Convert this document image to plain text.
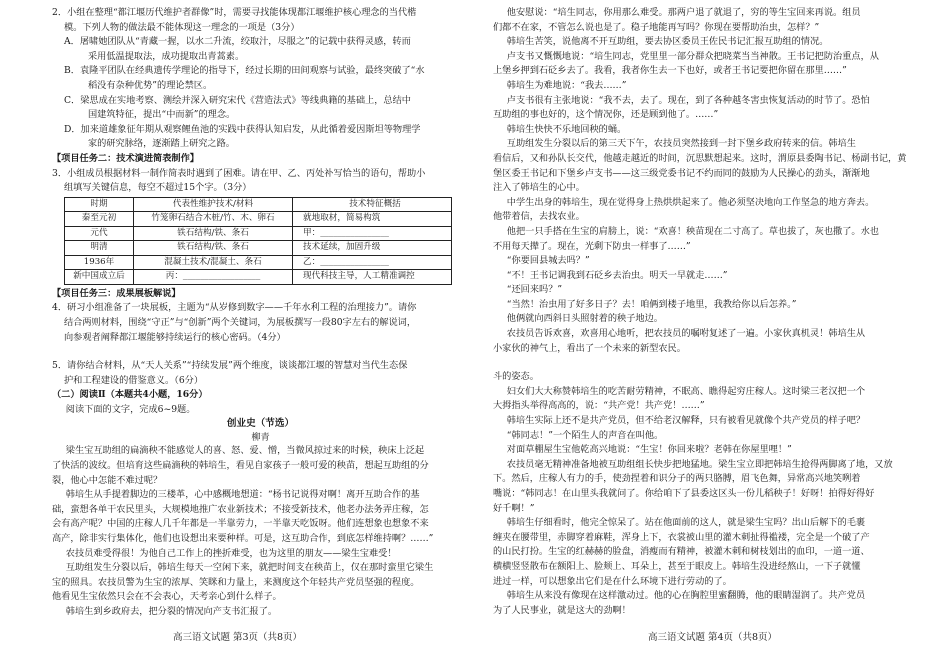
2．小组在整理“都江堰历代维护者群像”时，需要寻找能体现都江堰维护核心理念的当代楷

模。下列人物的做法最不能体现这一理念的一项是（3分）

A．屠啸她团队从“青藏一握，以水二升流，绞取汁，尽服之”的记载中获得灵感，转而

采用低温提取法，成功提取出青蒿素。

B．袁隆平团队在经典遗传学理论的指导下，经过长期的田间观察与试验，最终突破了“水

稻没有杂种优势”的理论禁区。

C．梁思成在实地考察、测绘并深入研究宋代《营造法式》等线典籍的基础上，总结中

国建筑特征，提出“中而新”的理念。

D．加来道雄象征年期从观察鲤鱼池的实践中获得认知启发，从此循着爱因斯坦等物理学

家的研究脉络，逐渐踏上研究之路。

【项目任务二：技术演进简表制作】

3．小组成员根据材料一制作简表时遇到了困难。请在甲、乙、丙处补写恰当的语句，帮助小

组填写关键信息，每空不超过15个字。（3分）

时期	代表性维护技术/材料	技术特征概括
秦至元初	竹笼卵石结合木桩/竹、木、卵石	就地取材，简易构筑
元代	铁石结构/铁、条石	甲：________________
明清	铁石结构/铁、条石	技术延续，加固升级
1936年	混凝土技术/混凝土、条石	乙：________________
新中国成立后	丙：__________________	现代科技主导，人工精准调控

【项目任务三：成果展板解说】

4．研习小组准备了一块展板，主题为“从岁修到数字——千年水利工程的治理接力”。请你

结合两则材料，围绕“守正”与“创新”两个关键词，为展板撰写一段80字左右的解说词，

向参观者阐释都江堰能够持续运行的核心密码。（4分）

5．请你结合材料，从“天人关系”“持续发展”两个维度，谈谈都江堰的智慧对当代生态保

护和工程建设的借鉴意义。（6分）

（二）阅读Ⅱ（本题共4小题，16分）

阅读下面的文字，完成6~9题。

创业史（节选）

柳青

梁生宝互助组的扁滴秧不能感觉人的喜、怒、爱、憎，当微风掠过来的时候，秧床上泛起

了快活的波纹。但培育这些扁滴秧的韩培生，看见自家孩子一般可爱的秧苗，想起互助组的分

裂，他心中怎能不难过呢？

韩培生从手提着脚边的三楼革，心中感概地想道：“杨书记说得对啊！离开互助合作的基

础，蛮想各单干农民里头，大规模地推广农业新技术；不接受新技术，他老办法务弄庄稼，怎

会有高产呢？中国的庄稼人几千年都是一半靠劳力，一半靠天吃饭呀。他们连想象也想象不来

高产，除非实行集体化，他们也设想出来要种样。可是，这互助合作，到底怎样维持啊？……”

农技员难受得很！为他自己工作上的挫折难受，也为这里的朋友——梁生宝难受！

互助组发生分裂以后，韩培生每天一空闲下来，就把时间支在秧苗上，仅在那时蛮里它梁生

宝的照具。农技员警为生宝的浓厚、笑眯和力量上，来测度这个年轻共产党员坚强的程度。

他看见生宝依然只会在不会表心，天考亲心到什么样子。

韩培生到乡政府去，把分裂的情况向产支书汇报了。

高三语文试题 第3页（共8页）

他安慰说：“培生同志，你用那么难受。那两户退了就退了，穷的等生宝回来再说。组员

们都不在家，不管怎么说也是了。稳子地能再写吗？你现在要帮助治虫，怎样？”

韩培生苦笑，说他离不开互助组，要去协区委员王佐民书记汇报互助组的情况。

卢支书又慨慨地说：“培生同志，党里里一部分群众把晓菜当当神散。王书记把防治重点，从

上堡乡押到石砭乡去了。我看，我者你生去一下也好，或者王书记要把你留在那里……”

韩培生为难地说：“我去……”

卢支书很有主张地说：“我不去，去了。现在，到了各种越冬害虫恢复活动的时节了。恐怕

互助组的事也好的，这个情况你，还是顾到他了。……”

韩培生快快不乐地回秧的蛹。

互助组发生分裂以后的第三天下午，农技员突然接到一封下堡乡政府转来的信。韩培生

看信后，又和孙队长交代，他越走越近的时间，沉思默想起来。这时，渭原县委陶书记、杨副书记，黄

堡区委王书记和下堡乡卢支书——这三级党委书记不约而同的鼓励为人民操心的劲头，渐渐地

注入了韩培生的心中。

中学生出身的韩培生，现在觉得身上热烘烘起来了。他必须坚决地向工作坚急的地方奔去。

他带着信，去找农业。

他把一只手搭在生宝的肩膀上，说：“欢喜！秧苗现在二寸高了。草也拔了，灰也撒了。水也

不用每天撵了。现在，光剩下防虫一样事了……”

“你要回县城去吗？”

“不！王书记调我到石砭乡去治虫。明天一早就走……”

“还回来吗？”

“当然！治虫用了好多日子？去！咱俩到楼子地里，我教给你以后怎养。”

他俩就向西斜日头照射着的秧子地边。

农技员告诉欢喜，欢喜用心地听，把农技员的嘱咐复述了一遍。小家伙真机灵！韩培生从

小家伙的神气上，看出了一个未来的新型农民。

斗的姿态。

妇女们大大称赞韩培生的吃苦耐劳精神，不眠高、瞧得起穷庄稼人。这时梁三老汉把一个

大拇指头举得高高的，说：“共产党！共产党！……”

韩培生实际上还不是共产党员，但不给老汉解释，只有被看见就像个共产党员的样子吧？

“韩同志！”一个陌生人的声音在叫他。

对面草棚屋生宝他乾高兴地说：“生宝！你回来啦？老韩在你屋里哩！”

农技员毫无精神准备地被互助组组长快步把地猛地。梁生宝立即把韩培生抢得两脚离了地，又放

下。然后，庄稼人有力的手，使劲捏着和识分子的两只胳膊，眉飞色舞，异常高兴地笑咧着

嘴说：“韩同志！在山里头我就问了。你给咱下了县委这区头一份儿稻秧子！好呀！拍得好得好

好千啊！”

韩培生仔细看时，他完全惊呆了。站在他面前的这人，就是梁生宝吗？出山后解下的毛裹

缠夹在腰带里，赤脚穿着麻鞋，浑身上下，衣裳被山里的灌木刺扯得褴褛，完全是一个破了产

的山民打扮。生宝的红赫赫的脸盘，消瘦而有精神，被灌木刺和树枝划出的血印，一道一道、

横横竖竖散布在额阳上、脸颊上、耳朵上，甚至于眼皮上。韩培生没进经熬山，一下子就懂

进过一样，可以想象出它们是在什么环境下进行劳动的了。

韩培生从来没有像现在这样激动过。他的心在胸腔里蜜翻腾，他的眼睛湿润了。共产党员

为了人民事业，就是这大的劲啊！

高三语文试题 第4页（共8页）
